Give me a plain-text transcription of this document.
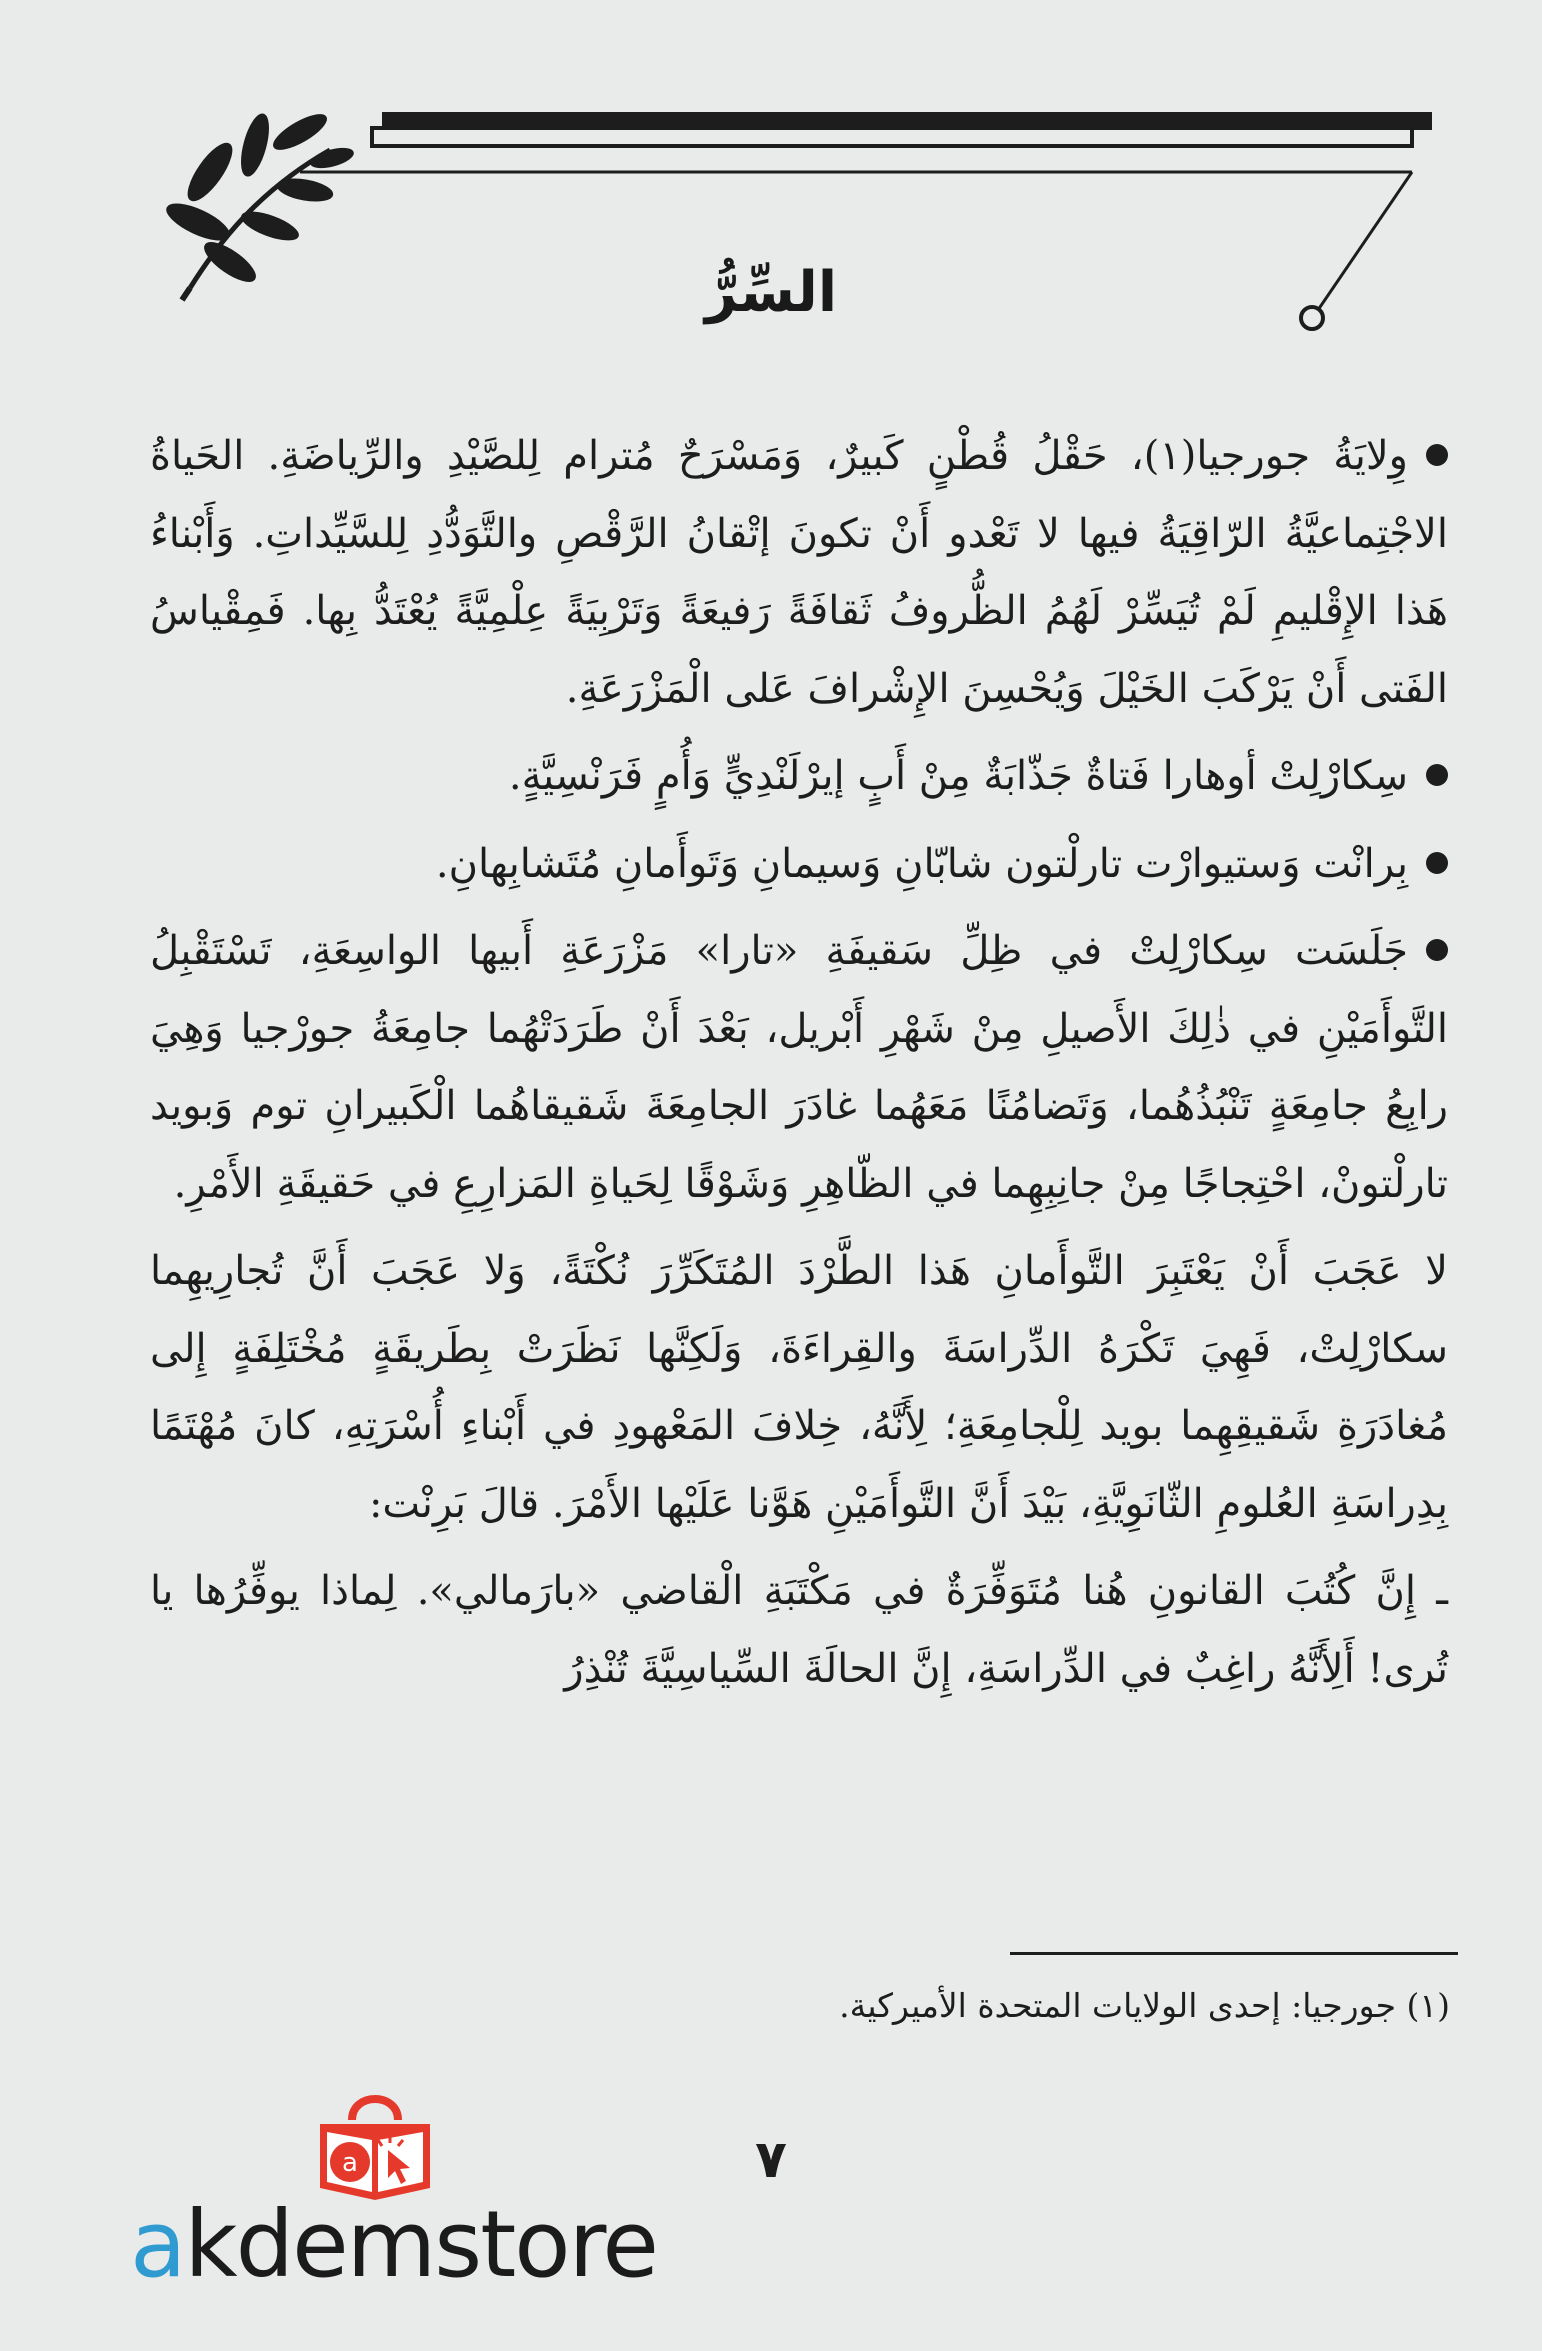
السِّرُّ

وِلايَةُ جورجيا(١)، حَقْلُ قُطْنٍ كَبيرٌ، وَمَسْرَحٌ مُترام لِلصَّيْدِ والرِّياضَةِ. الحَياةُ الاجْتِماعيَّةُ الرّاقِيَةُ فيها لا تَعْدو أَنْ تكونَ إتْقانُ الرَّقْصِ والتَّوَدُّدِ لِلسَّيِّداتِ. وَأَبْناءُ هَذا الإِقْليمِ لَمْ تُيَسِّرْ لَهُمُ الظُّروفُ ثَقافَةً رَفيعَةً وَتَرْبِيَةً عِلْمِيَّةً يُعْتَدُّ بِها. فَمِقْياسُ الفَتى أَنْ يَرْكَبَ الخَيْلَ وَيُحْسِنَ الإِشْرافَ عَلى الْمَزْرَعَةِ.

سِكارْلِتْ أوهارا فَتاةٌ جَذّابَةٌ مِنْ أَبٍ إيرْلَنْدِيٍّ وَأُمٍ فَرَنْسِيَّةٍ.

بِرانْت وَستيوارْت تارلْتون شابّانِ وَسيمانِ وَتَوأَمانِ مُتَشابِهانِ.

جَلَسَت سِكارْلِتْ في ظِلِّ سَقيفَةِ «تارا» مَزْرَعَةِ أَبيها الواسِعَةِ، تَسْتَقْبِلُ التَّوأَمَيْنِ في ذٰلِكَ الأَصيلِ مِنْ شَهْرِ أَبْريل، بَعْدَ أَنْ طَرَدَتْهُما جامِعَةُ جورْجيا وَهِيَ رابِعُ جامِعَةٍ تَنْبُذُهُما، وَتَضامُنًا مَعَهُما غادَرَ الجامِعَةَ شَقيقاهُما الْكَبيرانِ توم وَبويد تارلْتونْ، احْتِجاجًا مِنْ جانِبِهِما في الظّاهِرِ وَشَوْقًا لِحَياةِ المَزارِعِ في حَقيقَةِ الأَمْرِ.

لا عَجَبَ أَنْ يَعْتَبِرَ التَّوأَمانِ هَذا الطَّرْدَ المُتَكَرِّرَ نُكْتَةً، وَلا عَجَبَ أَنَّ تُجارِيهِما سكارْلِتْ، فَهِيَ تَكْرَهُ الدِّراسَةَ والقِراءَةَ، وَلَكِنَّها نَظَرَتْ بِطَريقَةٍ مُخْتَلِفَةٍ إِلى مُغادَرَةِ شَقيقِهِما بويد لِلْجامِعَةِ؛ لِأَنَّهُ، خِلافَ المَعْهودِ في أَبْناءِ أُسْرَتِهِ، كانَ مُهْتَمًا بِدِراسَةِ العُلومِ الثّانَوِيَّةِ، بَيْدَ أَنَّ التَّوأَمَيْنِ هَوَّنا عَلَيْها الأَمْرَ. قالَ بَرِنْت:

ـ إِنَّ كُتُبَ القانونِ هُنا مُتَوَفِّرَةٌ في مَكْتَبَةِ الْقاضي «بارَمالي». لِماذا يوفِّرُها يا تُرى! أَلِأَنَّهُ راغِبٌ في الدِّراسَةِ، إِنَّ الحالَةَ السِّياسِيَّةَ تُنْذِرُ

(١) جورجيا: إحدى الولايات المتحدة الأميركية.
٧
a
akdemstore
